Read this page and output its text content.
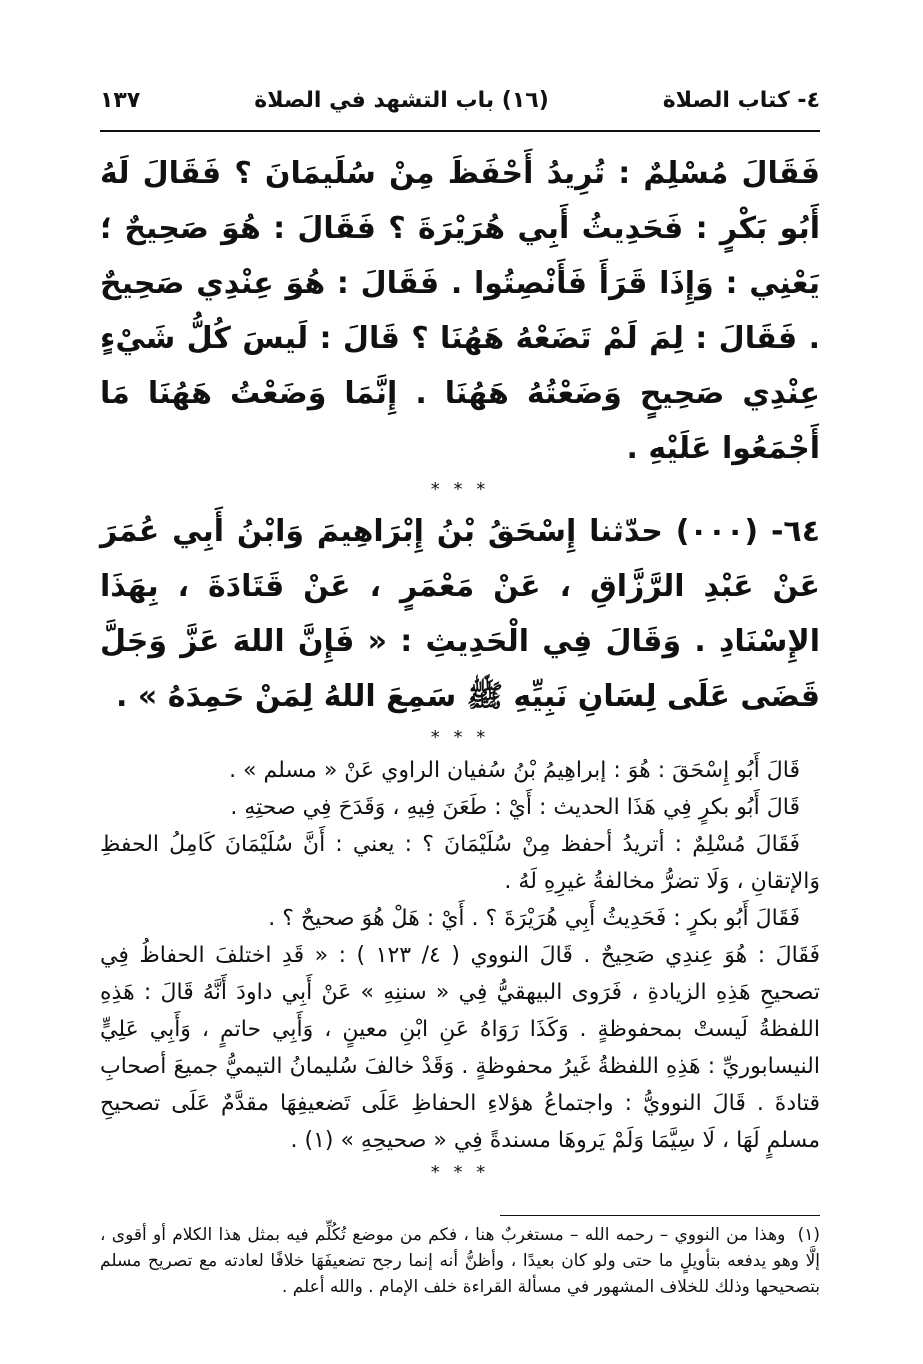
٤- كتاب الصلاة
(١٦) باب التشهد في الصلاة
١٣٧
فَقَالَ مُسْلِمٌ : تُرِيدُ أَحْفَظَ مِنْ سُلَيمَانَ ؟ فَقَالَ لَهُ أَبُو بَكْرٍ : فَحَدِيثُ أَبِي هُرَيْرَةَ ؟ فَقَالَ : هُوَ صَحِيحٌ ؛ يَعْنِي : وَإِذَا قَرَأَ فَأَنْصِتُوا . فَقَالَ : هُوَ عِنْدِي صَحِيحٌ . فَقَالَ : لِمَ لَمْ تَضَعْهُ هَهُنَا ؟ قَالَ : لَيسَ كُلُّ شَيْءٍ عِنْدِي صَحِيحٍ وَضَعْتُهُ هَهُنَا . إِنَّمَا وَضَعْتُ هَهُنَا مَا أَجْمَعُوا عَلَيْهِ .
* * *
٦٤- (٠٠٠) حدّثنا إِسْحَقُ بْنُ إِبْرَاهِيمَ وَابْنُ أَبِي عُمَرَ عَنْ عَبْدِ الرَّزَّاقِ ، عَنْ مَعْمَرٍ ، عَنْ قَتَادَةَ ، بِهَذَا الإِسْنَادِ . وَقَالَ فِي الْحَدِيثِ : « فَإِنَّ اللهَ عَزَّ وَجَلَّ قَضَى عَلَى لِسَانِ نَبِيِّهِ ﷺ سَمِعَ اللهُ لِمَنْ حَمِدَهُ » .
* * *

قَالَ أَبُو إِسْحَقَ : هُوَ : إبراهِيمُ بْنُ سُفيان الراوي عَنْ « مسلم » .

قَالَ أَبُو بكرٍ فِي هَذَا الحديث : أَيْ : طَعَنَ فِيهِ ، وَقَدَحَ فِي صحتِهِ .

فَقَالَ مُسْلِمٌ : أتريدُ أحفظ مِنْ سُلَيْمَانَ ؟ : يعني : أَنَّ سُلَيْمَانَ كَامِلُ الحفظِ وَالإتقانِ ، وَلَا تضرُّ مخالفةُ غيرِهِ لَهُ .

فَقَالَ أَبُو بكرٍ : فَحَدِيثُ أَبِي هُرَيْرَةَ ؟ . أَيْ : هَلْ هُوَ صحيحٌ ؟ .

فَقَالَ : هُوَ عِندِي صَحِيحٌ . قَالَ النووي ( ٤/ ١٢٣ ) : « قَدِ اختلفَ الحفاظُ فِي تصحيحِ هَذِهِ الزيادةِ ، فَرَوى البيهقيُّ فِي « سننِهِ » عَنْ أَبِي داودَ أَنَّهُ قَالَ : هَذِهِ اللفظةُ لَيستْ بمحفوظةٍ . وَكَذَا رَوَاهُ عَنِ ابْنِ معينٍ ، وَأَبِي حاتمٍ ، وَأَبِي عَلِيٍّ النيسابوريِّ : هَذِهِ اللفظةُ غَيرُ محفوظةٍ . وَقَدْ خالفَ سُليمانُ التيميُّ جميعَ أصحابِ قتادةَ . قَالَ النوويُّ : واجتماعُ هؤلاءِ الحفاظِ عَلَى تَضعيفِهَا مقدَّمٌ عَلَى تصحيحِ مسلمٍ لَهَا ، لَا سِيَّمَا وَلَمْ يَروهَا مسندةً فِي « صحيحِهِ » (١) .

* * *
(١) وهذا من النووي – رحمه الله – مستغربٌ هنا ، فكم من موضع تُكُلِّم فيه بمثل هذا الكلام أو أقوى ، إلَّا وهو يدفعه بتأويلٍ ما حتى ولو كان بعيدًا ، وأظنُّ أنه إنما رجح تضعيفَهَا خلافًا لعادته مع تصريح مسلم بتصحيحها وذلك للخلاف المشهور في مسألة القراءة خلف الإمام . والله أعلم .
